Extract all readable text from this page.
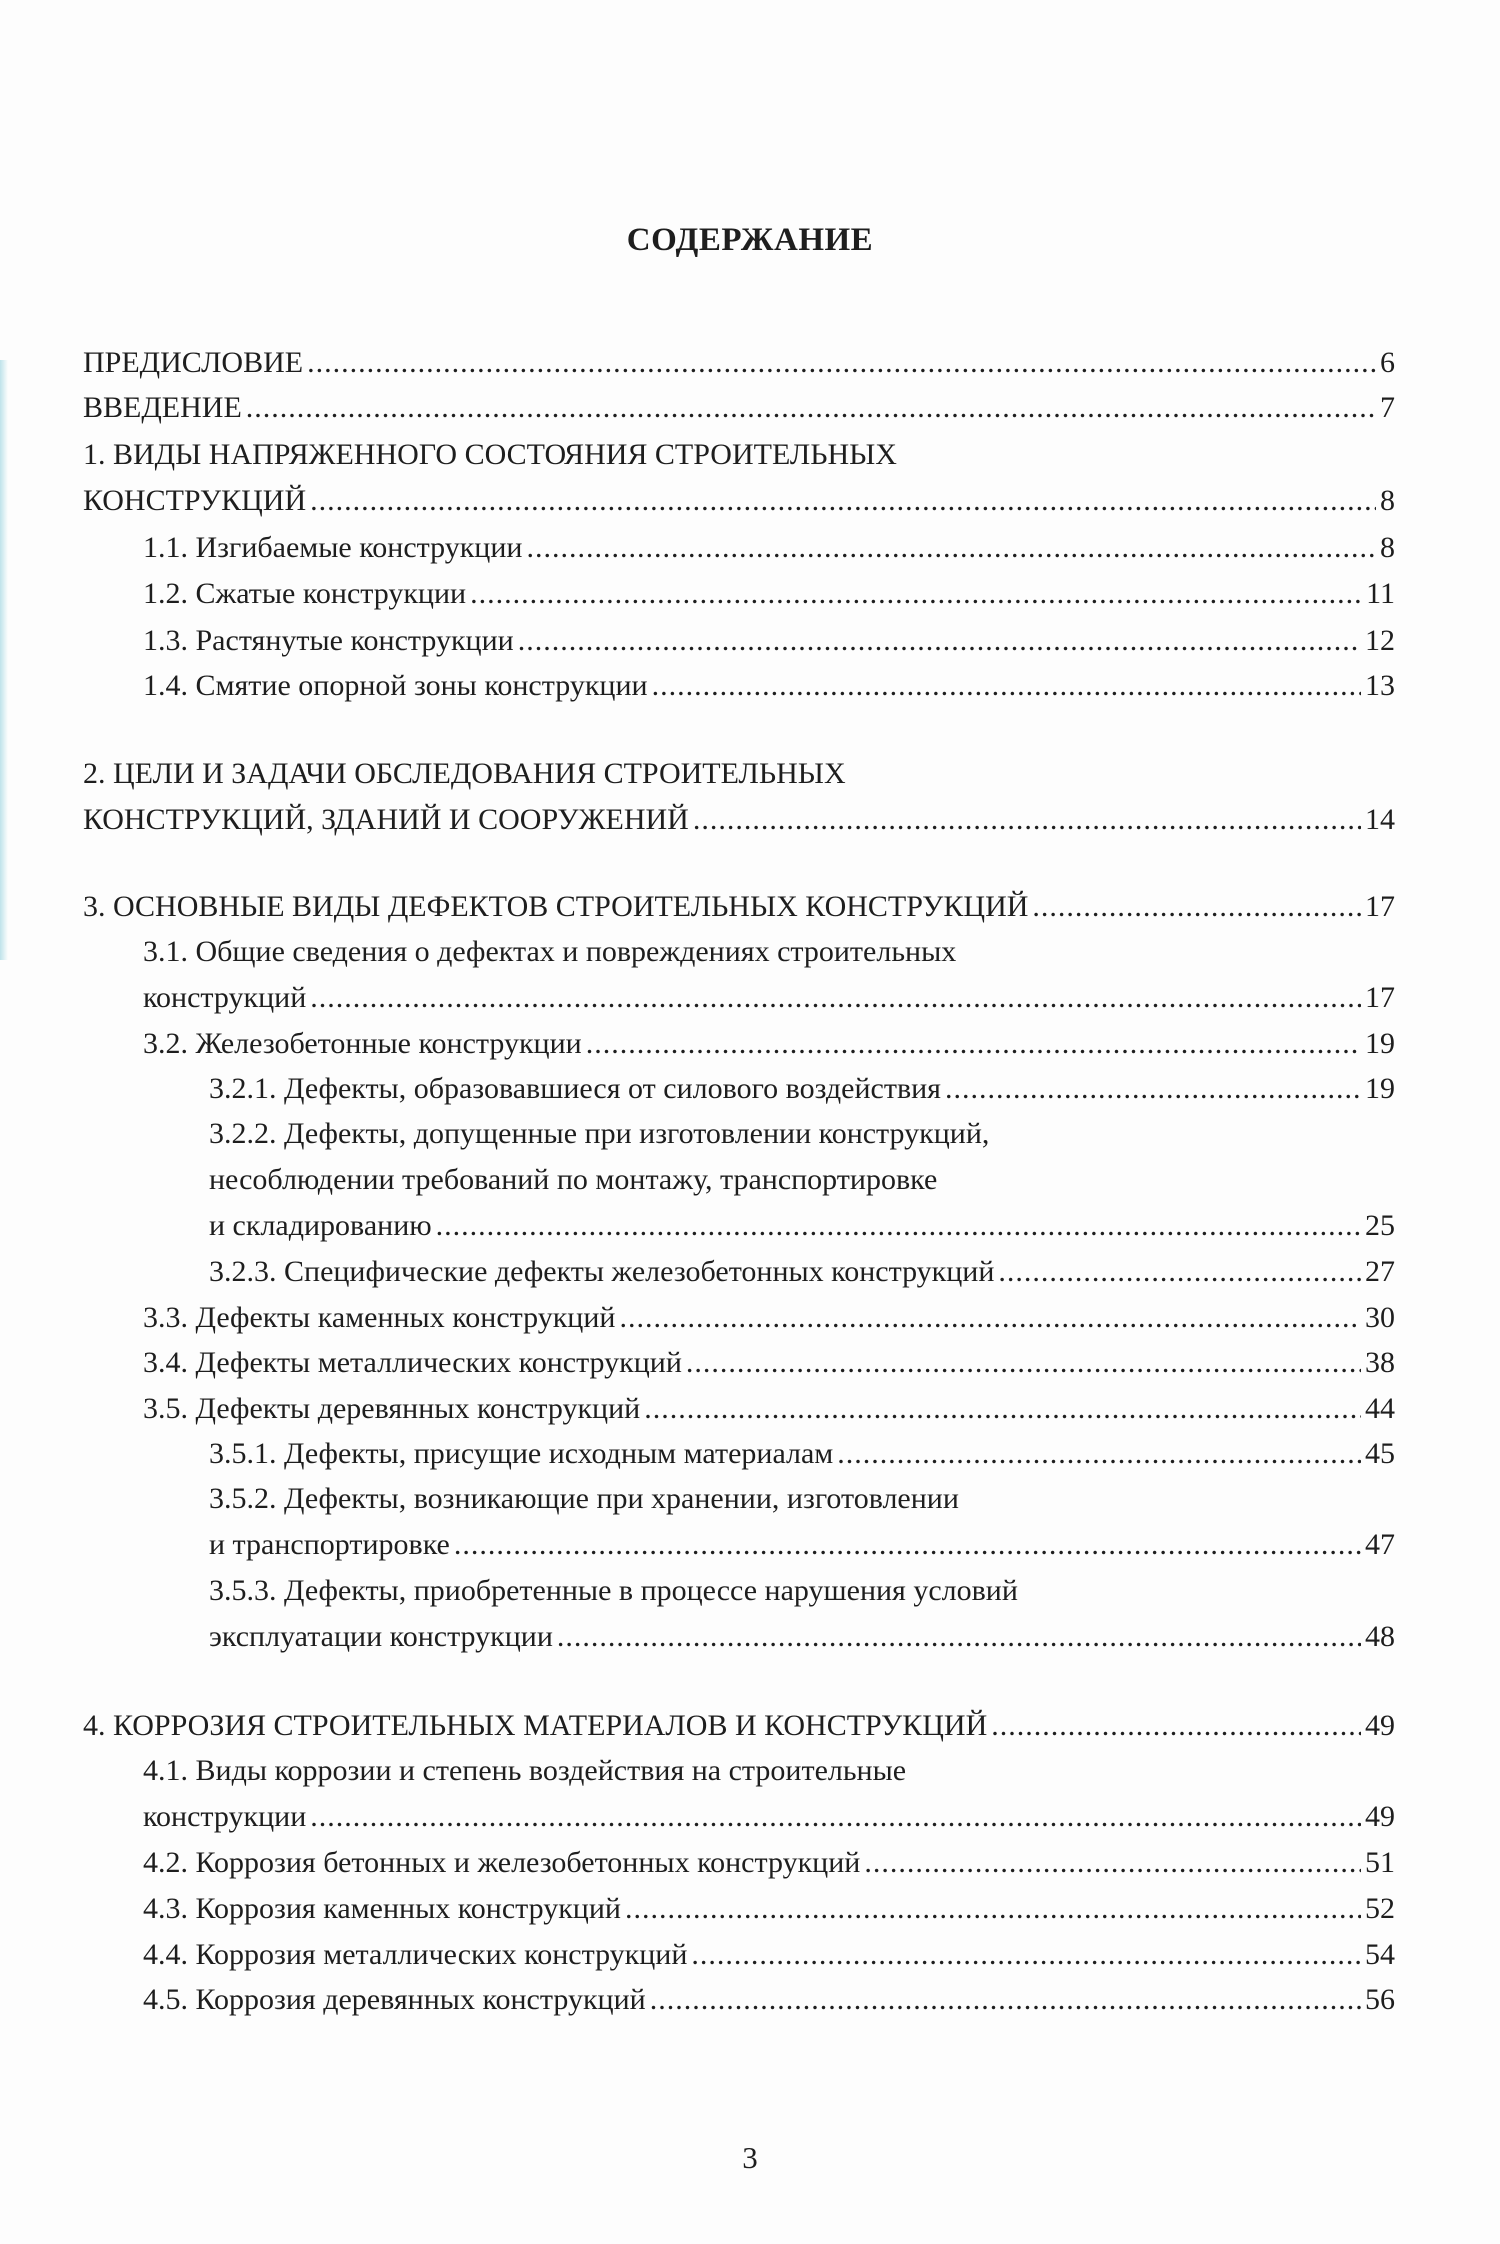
СОДЕРЖАНИЕ
ПРЕДИСЛОВИЕ .....	6
ВВЕДЕНИЕ .....	7
1. ВИДЫ НАПРЯЖЕННОГО СОСТОЯНИЯ СТРОИТЕЛЬНЫХ
КОНСТРУКЦИЙ .....	8
1.1. Изгибаемые конструкции .....	8
1.2. Сжатые конструкции .....	11
1.3. Растянутые конструкции .....	12
1.4. Смятие опорной зоны конструкции .....	13
2. ЦЕЛИ И ЗАДАЧИ ОБСЛЕДОВАНИЯ СТРОИТЕЛЬНЫХ
КОНСТРУКЦИЙ, ЗДАНИЙ И СООРУЖЕНИЙ .....	14
3. ОСНОВНЫЕ ВИДЫ ДЕФЕКТОВ СТРОИТЕЛЬНЫХ КОНСТРУКЦИЙ .....	17
3.1. Общие сведения о дефектах и повреждениях строительных
конструкций .....	17
3.2. Железобетонные конструкции .....	19
3.2.1. Дефекты, образовавшиеся от силового воздействия .....	19
3.2.2. Дефекты, допущенные при изготовлении конструкций,
несоблюдении требований по монтажу, транспортировке
и складированию .....	25
3.2.3. Специфические дефекты железобетонных конструкций .....	27
3.3. Дефекты каменных конструкций .....	30
3.4. Дефекты металлических конструкций .....	38
3.5. Дефекты деревянных конструкций .....	44
3.5.1. Дефекты, присущие исходным материалам .....	45
3.5.2. Дефекты, возникающие при хранении, изготовлении
и транспортировке .....	47
3.5.3. Дефекты, приобретенные в процессе нарушения условий
эксплуатации конструкции .....	48
4. КОРРОЗИЯ СТРОИТЕЛЬНЫХ МАТЕРИАЛОВ И КОНСТРУКЦИЙ .....	49
4.1. Виды коррозии и степень воздействия на строительные
конструкции .....	49
4.2. Коррозия бетонных и железобетонных конструкций .....	51
4.3. Коррозия каменных конструкций .....	52
4.4. Коррозия металлических конструкций .....	54
4.5. Коррозия деревянных конструкций .....	56
3
